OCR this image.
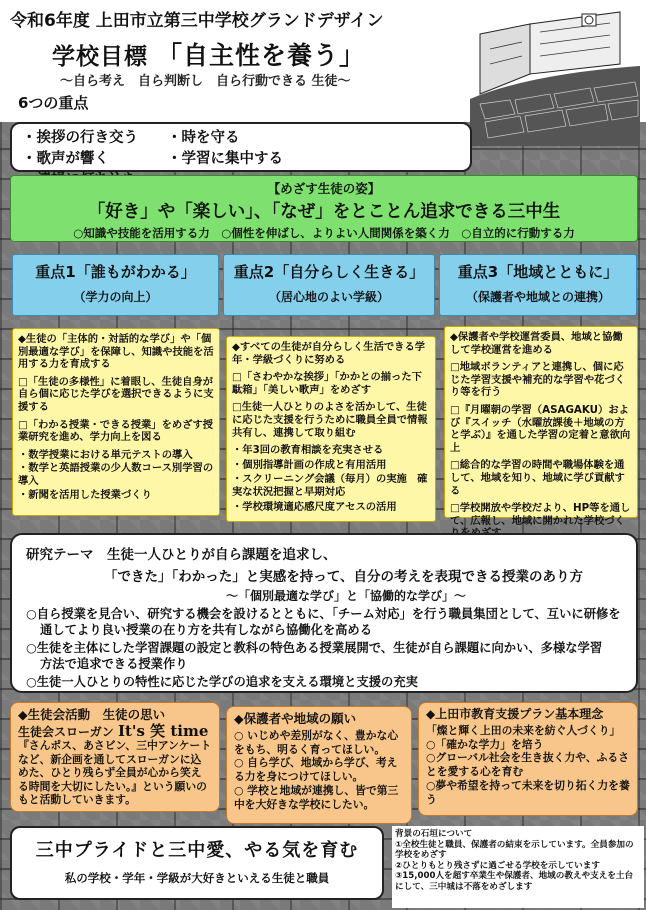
令和6年度 上田市立第三中学校グランドデザイン
学校目標 「自主性を養う」
～自ら考え　自ら判断し　自ら行動できる 生徒～
6つの重点
・挨拶の行き交う
・歌声が響く

・時を守る
・学習に集中する

【めざす生徒の姿】
「好き」や「楽しい」、「なぜ」をとことん追求できる三中生
○知識や技能を活用する力　○個性を伸ばし、よりよい人間関係を築く力　○自立的に行動する力
重点1「誰もがわかる」
（学力の向上）
重点2「自分らしく生きる」
（居心地のよい学級）
重点3「地域とともに」
（保護者や地域との連携）

◆生徒の「主体的・対話的な学び」や「個別最適な学び」を保障し、知識や技能を活用する力を育成する

□「生徒の多様性」に着眼し、生徒自身が自ら個に応じた学びを選択できるように支援する

□「わかる授業・できる授業」をめざす授業研究を進め、学力向上を図る

・数学授業における単元テストの導入

・数学と英語授業の少人数コース別学習の導入

・新聞を活用した授業づくり

◆すべての生徒が自分らしく生活できる学年・学級づくりに努める

□「さわやかな挨拶」「かかとの揃った下駄箱」「美しい歌声」をめざす

□生徒一人ひとりのよさを活かして、生徒に応じた支援を行うために職員全員で情報共有し、連携して取り組む

・年3回の教育相談を充実させる

・個別指導計画の作成と有用活用

・スクリーニング会議（毎月）の実施　確実な状況把握と早期対応

・学校環境適応感尺度アセスの活用

◆保護者や学校運営委員、地域と協働して学校運営を進める

□地域ボランティアと連携し、個に応じた学習支援や補充的な学習や花づくり等を行う

□『月曜朝の学習（ASAGAKU）および『スイッチ（水曜放課後＋地域の方と学ぶ）』を通した学習の定着と意欲向上

□総合的な学習の時間や職場体験を通して、地域を知り、地域に学び貢献する

□学校開放や学校だより、HP等を通して、広報し、地域に開かれた学校づく

研究テーマ　生徒一人ひとりが自ら課題を追求し、
「できた」「わかった」と実感を持って、自分の考えを表現できる授業のあり方
～「個別最適な学び」と「協働的な学び」～
○自ら授業を見合い、研究する機会を設けるとともに、「チーム対応」を行う職員集団として、互いに研修を
通してより良い授業の在り方を共有しながら協働化を高める
○生徒を主体にした学習課題の設定と教科の特色ある授業展開で、生徒が自ら課題に向かい、多様な学習
方法で追求できる授業作り
○生徒一人ひとりの特性に応じた学びの追求を支える環境と支援の充実
◆生徒会活動　生徒の思い
生徒会スローガン It's 笑 time
『さんポス、あさビン、三中アンケートなど、新企画を通してスローガンに込めた、ひとり残らず全員が心から笑える時間を大切にしたい。』という願いのもと活動していきます。
◆保護者や地域の願い
○ いじめや差別がなく、豊かな心をもち、明るく育ってほしい。
○ 自ら学び、地域から学び、考える力を身につけてほしい。
○ 学校と地域が連携し、皆で第三中を大好きな学校にしたい。
◆上田市教育支援プラン基本理念
「燦と輝く上田の未来を紡ぐ人づくり」
○「確かな学力」を培う
○グローバル社会を生き抜く力や、ふるさとを愛する心を育む
○夢や希望を持って未来を切り拓く力を養う
三中プライドと三中愛、やる気を育む
私の学校・学年・学級が大好きといえる生徒と職員
背景の石垣について
①全校生徒と職員、保護者の結束を示しています。全員参加の学校をめざす
②ひとりもとり残さずに過ごせる学校を示しています
③15,000人を超す卒業生や保護者、地域の教えや支えを土台にして、三中城は不落をめざします
